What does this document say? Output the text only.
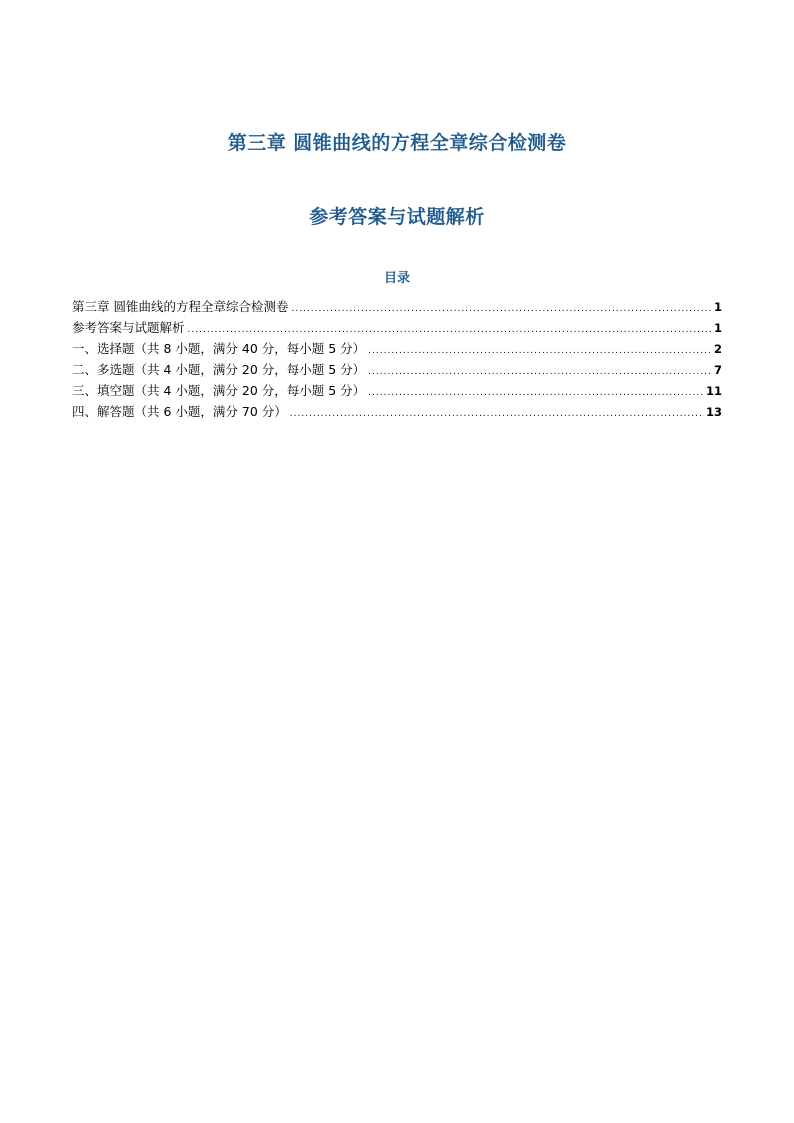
第三章 圆锥曲线的方程全章综合检测卷
参考答案与试题解析
目录
第三章 圆锥曲线的方程全章综合检测卷 .....	1
参考答案与试题解析 .....	1
一、选择题（共 8 小题，满分 40 分，每小题 5 分） .....	2
二、多选题（共 4 小题，满分 20 分，每小题 5 分） .....	7
三、填空题（共 4 小题，满分 20 分，每小题 5 分） .....	11
四、解答题（共 6 小题，满分 70 分） .....	13
